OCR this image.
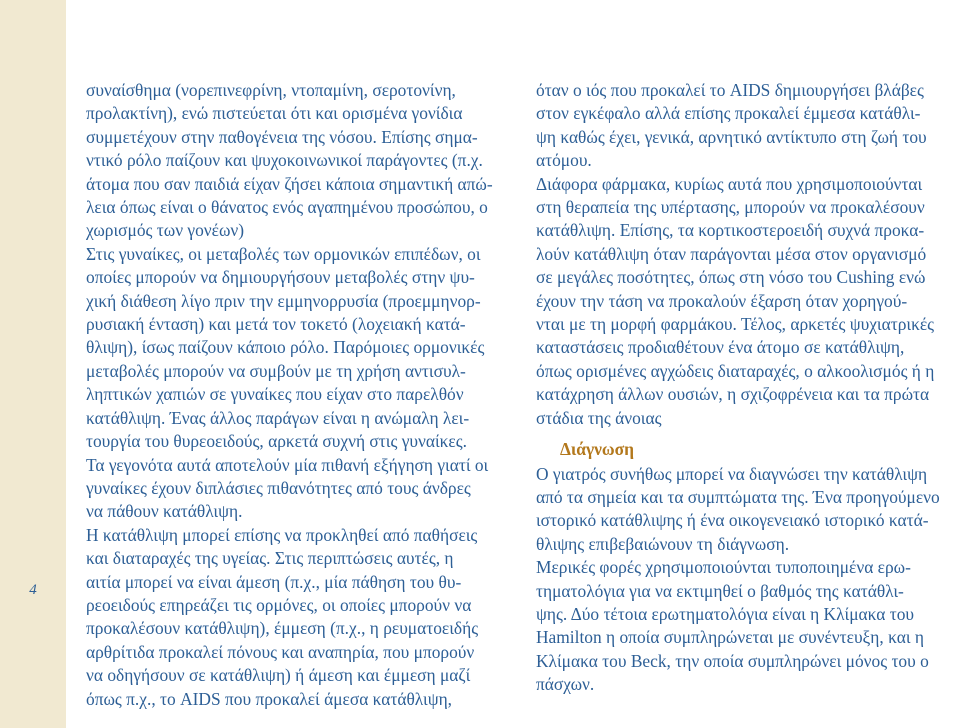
4
συναίσθημα (νορεπινεφρίνη, ντοπαμίνη, σεροτονίνη,
προλακτίνη), ενώ πιστεύεται ότι και ορισμένα γονίδια
συμμετέχουν στην παθογένεια της νόσου. Επίσης σημα-
ντικό ρόλο παίζουν και ψυχοκοινωνικοί παράγοντες (π.χ.
άτομα που σαν παιδιά είχαν ζήσει κάποια σημαντική απώ-
λεια όπως είναι ο θάνατος ενός αγαπημένου προσώπου, ο
χωρισμός των γονέων)
Στις γυναίκες, οι μεταβολές των ορμονικών επιπέδων, οι
οποίες μπορούν να δημιουργήσουν μεταβολές στην ψυ-
χική διάθεση λίγο πριν την εμμηνορρυσία (προεμμηνορ-
ρυσιακή ένταση) και μετά τον τοκετό (λοχειακή κατά-
θλιψη), ίσως παίζουν κάποιο ρόλο. Παρόμοιες ορμονικές
μεταβολές μπορούν να συμβούν με τη χρήση αντισυλ-
ληπτικών χαπιών σε γυναίκες που είχαν στο παρελθόν
κατάθλιψη. Ένας άλλος παράγων είναι η ανώμαλη λει-
τουργία του θυρεοειδούς, αρκετά συχνή στις γυναίκες.
Τα γεγονότα αυτά αποτελούν μία πιθανή εξήγηση γιατί οι
γυναίκες έχουν διπλάσιες πιθανότητες από τους άνδρες
να πάθουν κατάθλιψη.
Η κατάθλιψη μπορεί επίσης να προκληθεί από παθήσεις
και διαταραχές της υγείας. Στις περιπτώσεις αυτές, η
αιτία μπορεί να είναι άμεση (π.χ., μία πάθηση του θυ-
ρεοειδούς επηρεάζει τις ορμόνες, οι οποίες μπορούν να
προκαλέσουν κατάθλιψη), έμμεση (π.χ., η ρευματοειδής
αρθρίτιδα προκαλεί πόνους και αναπηρία, που μπορούν
να οδηγήσουν σε κατάθλιψη) ή άμεση και έμμεση μαζί
όπως π.χ., το AIDS που προκαλεί άμεσα κατάθλιψη,
όταν ο ιός που προκαλεί το AIDS δημιουργήσει βλάβες
στον εγκέφαλο αλλά επίσης προκαλεί έμμεσα κατάθλι-
ψη καθώς έχει, γενικά, αρνητικό αντίκτυπο στη ζωή του
ατόμου.
Διάφορα φάρμακα, κυρίως αυτά που χρησιμοποιούνται
στη θεραπεία της υπέρτασης, μπορούν να προκαλέσουν
κατάθλιψη. Επίσης, τα κορτικοστεροειδή συχνά προκα-
λούν κατάθλιψη όταν παράγονται μέσα στον οργανισμό
σε μεγάλες ποσότητες, όπως στη νόσο του Cushing ενώ
έχουν την τάση να προκαλούν έξαρση όταν χορηγού-
νται με τη μορφή φαρμάκου. Τέλος, αρκετές ψυχιατρικές
καταστάσεις προδιαθέτουν ένα άτομο σε κατάθλιψη,
όπως ορισμένες αγχώδεις διαταραχές, ο αλκοολισμός ή η
κατάχρηση άλλων ουσιών, η σχιζοφρένεια και τα πρώτα
στάδια της άνοιας
Διάγνωση
Ο γιατρός συνήθως μπορεί να διαγνώσει την κατάθλιψη
από τα σημεία και τα συμπτώματα της. Ένα προηγούμενο
ιστορικό κατάθλιψης ή ένα οικογενειακό ιστορικό κατά-
θλιψης επιβεβαιώνουν τη διάγνωση.
Μερικές φορές χρησιμοποιούνται τυποποιημένα ερω-
τηματολόγια για να εκτιμηθεί ο βαθμός της κατάθλι-
ψης. Δύο τέτοια ερωτηματολόγια είναι η Κλίμακα του
Hamilton η οποία συμπληρώνεται με συνέντευξη, και η
Κλίμακα του Beck, την οποία συμπληρώνει μόνος του ο
πάσχων.
